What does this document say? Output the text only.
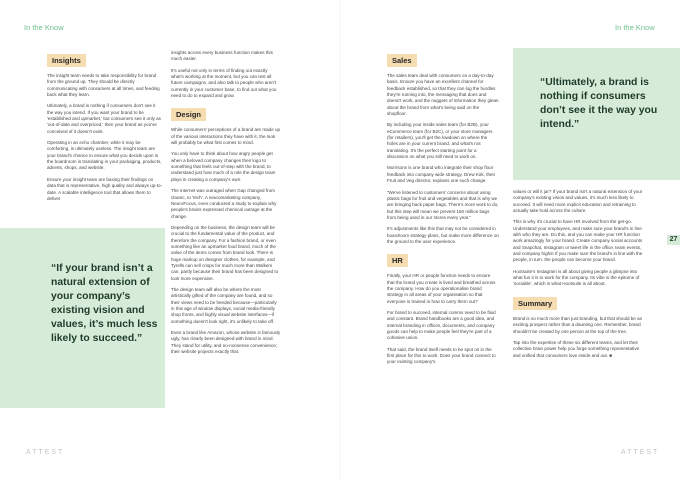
In the Know	In the Know
Insights

The insight team needs to take responsibility for brand from the ground up. They should be directly communicating with consumers at all times, and feeding back what they learn.

Ultimately, a brand is nothing if consumers don't see it the way you intend. If you want your brand to be 'established and upmarket,' but consumers see it only as 'out-of-date and overpriced,' then your brand as you've conceived of it doesn't exist.

Operating in an echo chamber, while it may be comforting, is ultimately useless. The insight team are your brand's chance to ensure what you decide upon in the boardroom is translating in your packaging, products, adverts, shops, and website.

Ensure your insight team are basing their findings on data that is representative, high quality and always up-to-date. A scalable intelligence tool that allows them to deliver

“If your brand isn’t a natural extension of your company’s existing vision and values, it’s much less likely to succeed.”

insights across every business function makes this much easier.

It's useful not only in terms of finding out exactly what's working at the moment, but you can test all future campaigns, and also talk to people who aren't currently in your customer base, to find out what you need to do to expand and grow.

Design

While consumers' perceptions of a brand are made up of the various interactions they have with it, the look will probably be what first comes to mind.

You only have to think about how angry people get when a beloved company changes their logo to something that feels out-of-step with the brand, to understand just how much of a role the design team plays in creating a company's own.

The internet was outraged when Gap changed from classic, to 'tech'. A neuromarketing company, NeuroFocus, even conducted a study to explain why people's brains expressed chemical outrage at the change.

Depending on the business, the design team will be crucial to the fundamental value of the product, and therefore the company. For a fashion brand, or even something like an upmarket food brand, much of the value of the items comes from brand look. There is huge markup on designer clothes, for example, and Tyrells can sell crisps for much more than Walkers can, partly because their brand has been designed to look more expensive.

The design team will also be where the most artistically gifted of the company are found, and so their views need to be heeded because—particularly in this age of window displays, social media-friendly shop fronts, and highly visual website interfaces—if something doesn't look right, it's unlikely to take off.

Even a brand like Amazon, whose website is famously ugly, has clearly been designed with brand in mind. They stand for utility, and no-nonsense convenience; their website projects exactly that.

Sales

The sales team deal with consumers on a day-to-day basis. Ensure you have an excellent channel for feedback established, so that they can log the hurdles they're running into, the messaging that does and doesn't work, and the nuggets of information they glean about the brand from what's being said on the shopfloor.

By including your inside sales team (for B2B), your eCommerce team (for B2C), or your store managers (for retailers), you'll get the lowdown on where the holes are in your current brand, and what's not translating. It's the perfect starting point for a discussion on what you still need to work on.

Morrisons is one brand who integrate their shop floor feedback into company wide strategy. Drew Kirk, their Fruit and Veg director, explains one such change.

“We've listened to customers' concerns about using plastic bags for fruit and vegetables and that is why we are bringing back paper bags. There's more work to do, but this step will mean we prevent 150 million bags from being used in our stores every year.”

It's adjustments like this that may not be considered in boardroom strategy plans, but make more difference on the ground to the user experience.

HR

Finally, your HR or people function needs to ensure that the brand you create is lived and breathed across the company. How do you operationalise brand strategy in all areas of your organisation so that everyone is trained in how to carry them out?

For brand to succeed, internal comms need to be fluid and constant. Brand handbooks are a good idea, and internal branding in offices, documents, and company goods can help to make people feel they're part of a cohesive union.

That said, the brand itself needs to be spot on in the first place for this to work. Does your brand connect to your existing company's

“Ultimately, a brand is nothing if consumers don’t see it the way you intend.”

values or will it jar? If your brand isn't a natural extension of your company's existing vision and values, it's much less likely to succeed. It will need more explicit education and retraining to actually take hold across the culture.

This is why it's crucial to have HR involved from the get-go. Understand your employees, and make sure your brand's in line with who they are. Do this, and you can make your HR function work amazingly for your brand. Create company social accounts and Snapchat, Instagram or tweet life in the office, team events, and company highs! If you make sure the brand's in line with the people, in turn, the people can become your brand.

Hootsuite's Instagram is all about giving people a glimpse into what fun it is to work for the company. Its vibe is the epitome of 'sociable', which is what Hootsuite is all about.

Summary

Brand is so much more than just branding, but that should be an exciting prospect rather than a daunting one. Remember, brand shouldn't be created by one person at the top of the tree.

Tap into the expertise of these six different teams, and let their collective brain power help you forge something representative and unified that consumers love inside and out. ■

27
ATTEST	ATTEST
